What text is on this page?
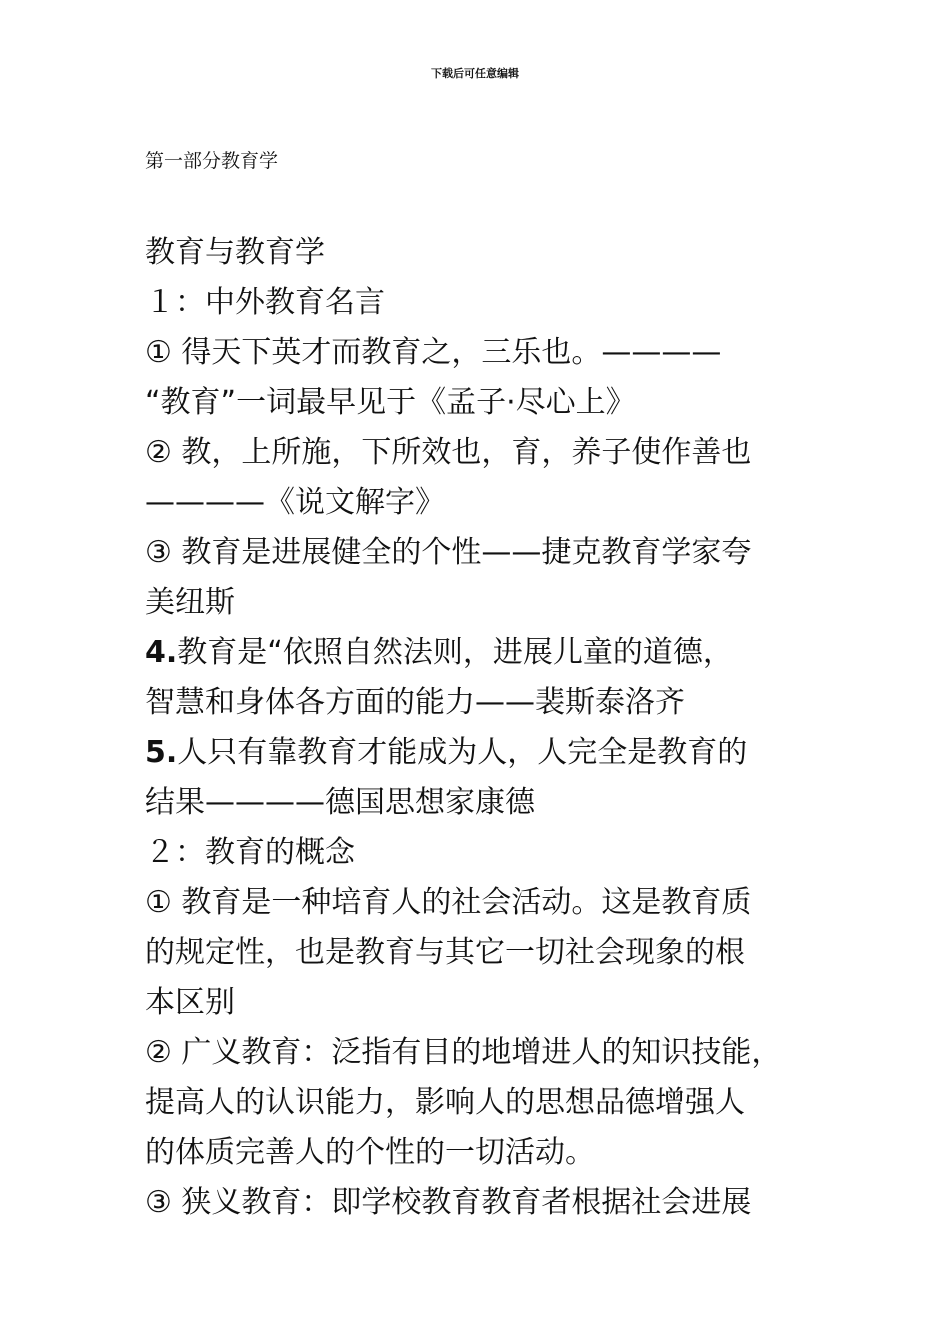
下载后可任意编辑
第一部分教育学
教育与教育学
１：中外教育名言
① 得天下英才而教育之，三乐也。————
“教育”一词最早见于《孟子·尽心上》
② 教，上所施，下所效也，育，养子使作善也
————《说文解字》
③ 教育是进展健全的个性——捷克教育学家夸
美纽斯
4.教育是“依照自然法则，进展儿童的道德，
智慧和身体各方面的能力——裴斯泰洛齐
5.人只有靠教育才能成为人，人完全是教育的
结果————德国思想家康德
２：教育的概念
① 教育是一种培育人的社会活动。这是教育质
的规定性，也是教育与其它一切社会现象的根
本区别
② 广义教育：泛指有目的地增进人的知识技能，
提高人的认识能力，影响人的思想品德增强人
的体质完善人的个性的一切活动。
③ 狭义教育：即学校教育教育者根据社会进展
